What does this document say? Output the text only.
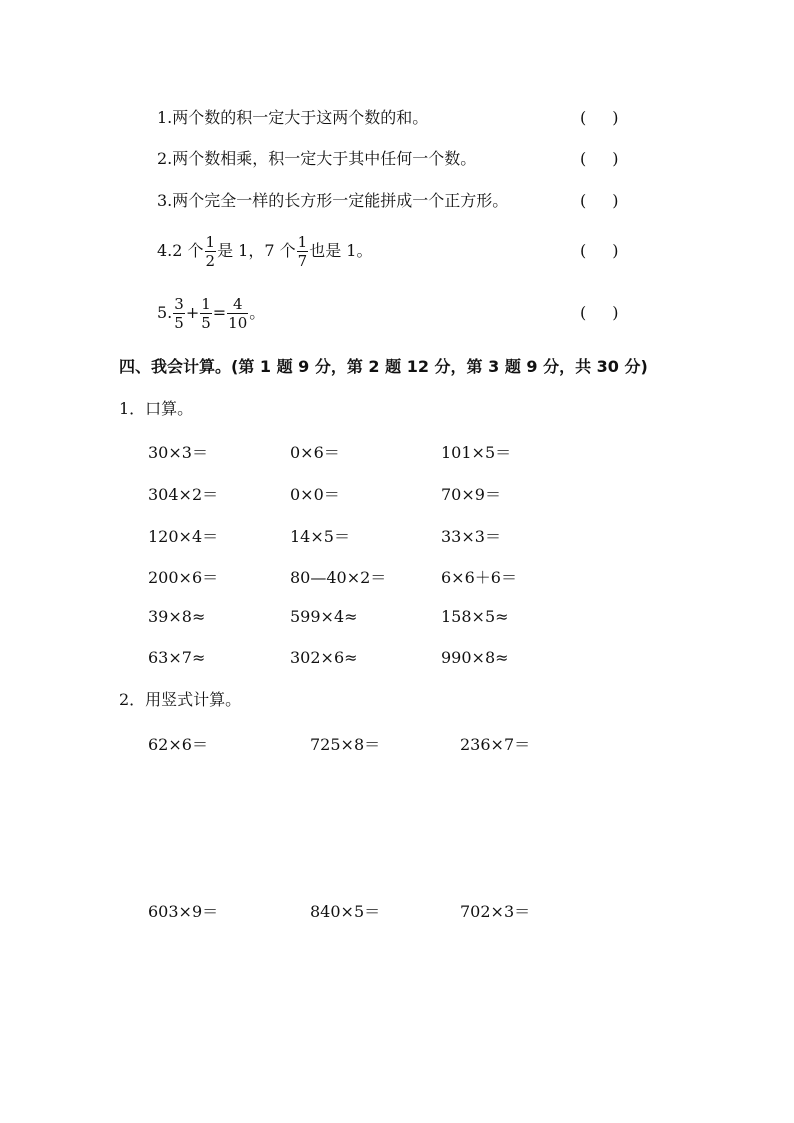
1.两个数的积一定大于这两个数的和。	( )
2.两个数相乘，积一定大于其中任何一个数。	( )
3.两个完全一样的长方形一定能拼成一个正方形。	( )
4.2 个 $\frac{1}{2}$ 是 1，7 个 $\frac{1}{7}$ 也是 1。	( )
5. $\frac{3}{5} + \frac{1}{5} = \frac{4}{10}$ 。	( )
四、我会计算。(第 1 题 9 分，第 2 题 12 分，第 3 题 9 分，共 30 分)
1．口算。
30×3＝	0×6＝	101×5＝
304×2＝	0×0＝	70×9＝
120×4＝	14×5＝	33×3＝
200×6＝	80—40×2＝	6×6＋6＝
39×8≈	599×4≈	158×5≈
63×7≈	302×6≈	990×8≈
2．用竖式计算。
62×6＝	725×8＝	236×7＝
603×9＝	840×5＝	702×3＝
